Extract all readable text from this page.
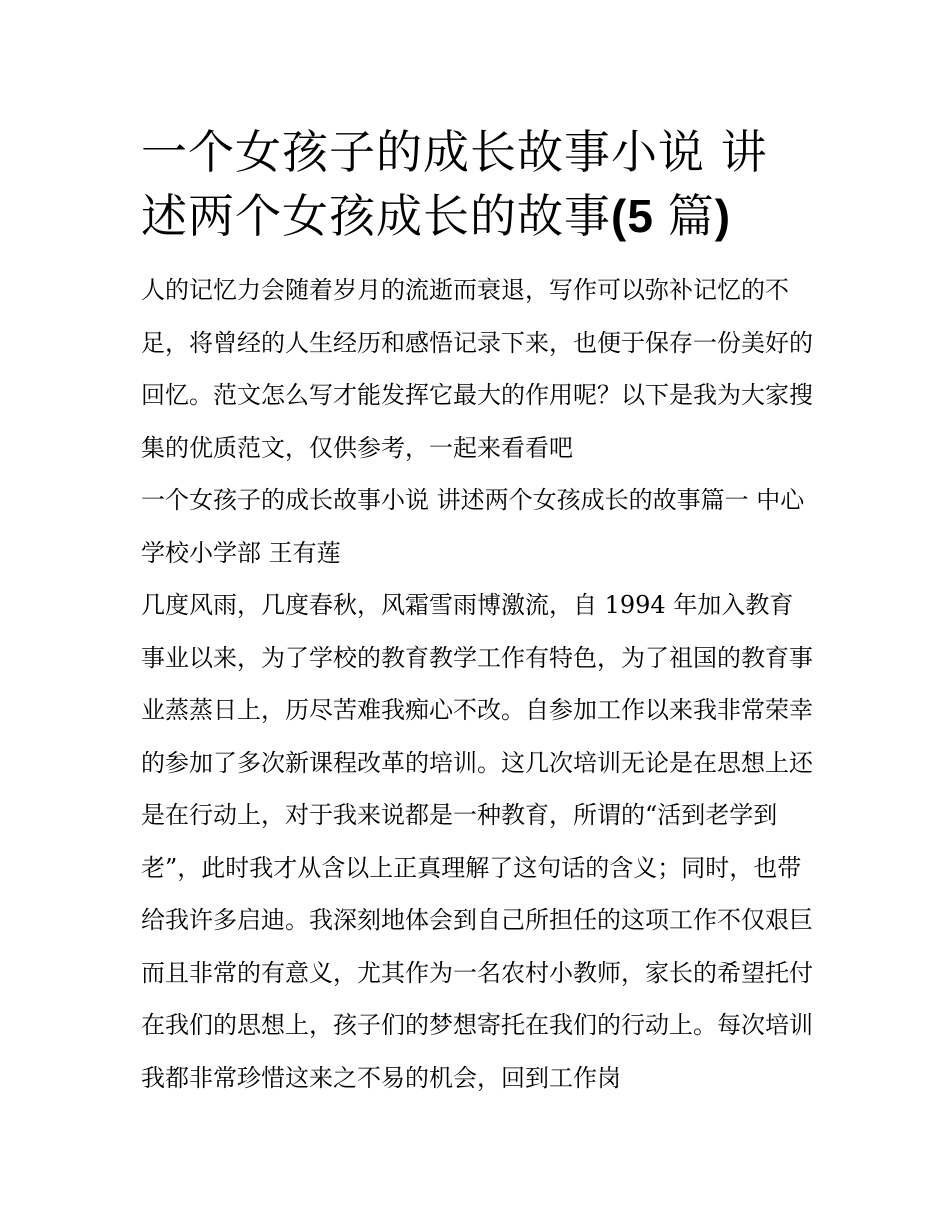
一个女孩子的成长故事小说 讲
述两个女孩成长的故事(5 篇)

人的记忆力会随着岁月的流逝而衰退，写作可以弥补记忆的不足，将曾经的人生经历和感悟记录下来，也便于保存一份美好的回忆。范文怎么写才能发挥它最大的作用呢？以下是我为大家搜集的优质范文，仅供参考，一起来看看吧

一个女孩子的成长故事小说 讲述两个女孩成长的故事篇一 中心学校小学部 王有莲

几度风雨，几度春秋，风霜雪雨博激流，自 1994 年加入教育事业以来，为了学校的教育教学工作有特色，为了祖国的教育事业蒸蒸日上，历尽苦难我痴心不改。自参加工作以来我非常荣幸的参加了多次新课程改革的培训。这几次培训无论是在思想上还是在行动上，对于我来说都是一种教育，所谓的“活到老学到老”，此时我才从含以上正真理解了这句话的含义；同时，也带给我许多启迪。我深刻地体会到自己所担任的这项工作不仅艰巨而且非常的有意义，尤其作为一名农村小教师，家长的希望托付在我们的思想上，孩子们的梦想寄托在我们的行动上。每次培训我都非常珍惜这来之不易的机会，回到工作岗
